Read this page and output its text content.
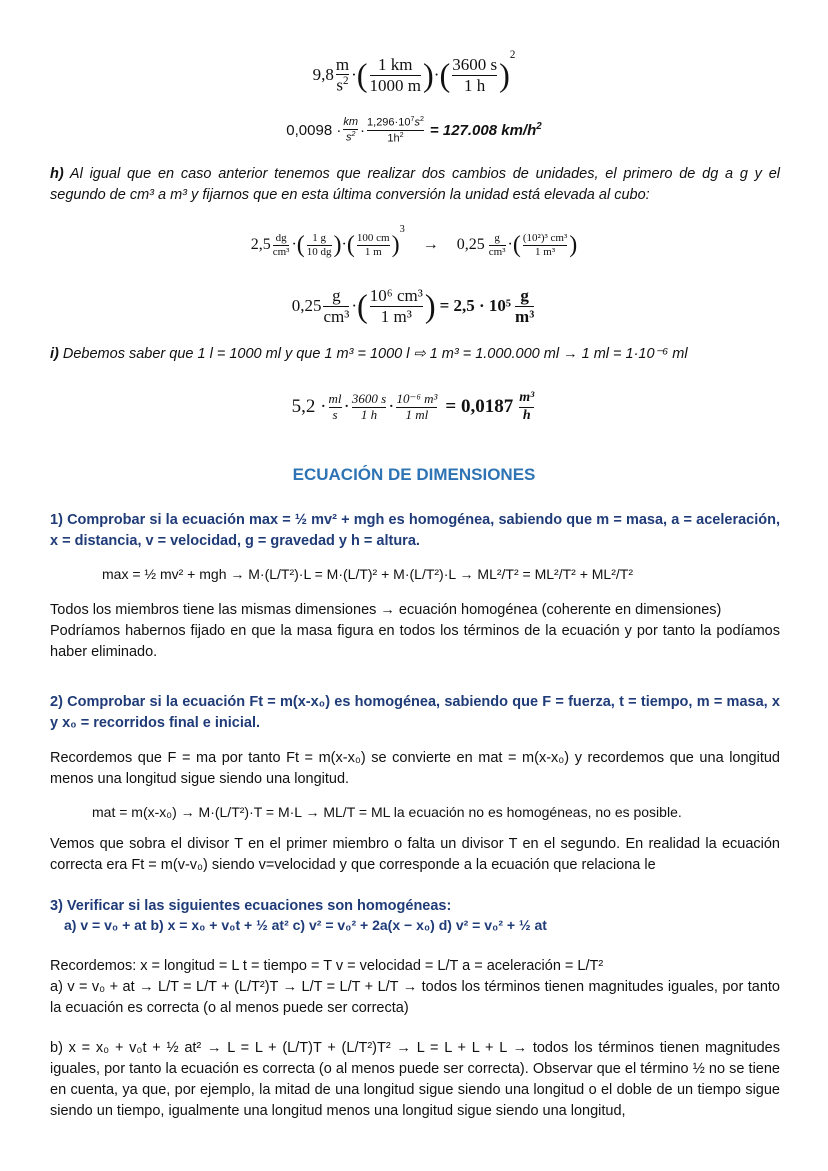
$9,8 \frac{m}{s^2}$ · ( $\frac{1 km}{1000 m}$ ) · ( $\frac{3600 s}{1 h}$ )
$^2$
$0,0098 \cdot \frac{km}{s^2} \cdot \frac{1,296\cdot 10^7s^2}{1h^2} = 127.008$ $km/h^2$
h) Al igual que en caso anterior tenemos que realizar dos cambios de unidades, el primero de dg a g y el segundo de cm³ a m³ y fijarnos que en esta última conversión la unidad está elevada al cubo:
$2,5 \frac{dg}{\text{cm³}}$ · ( $\frac{1 g}{10 dg}$ ) · ( $\frac{100 cm}{1 m}$ )
$^3$
→ $0,25 \frac{g}{\text{cm³}}$ · ( $\frac{\text{(10²)³ cm³}}{\text{1 m³}}$ )
$0,25 \frac{g}{\text{cm³}}$ · ( $\frac{\text{10⁶ cm³}}{\text{1 m³}}$ ) = $2,5 \cdot 10^5 \frac{g}{\text{m³}}$
i) Debemos saber que 1 l = 1000 ml y que 1 m³ = 1000 l ⇨ 1 m³ = 1.000.000 ml → 1 ml = 1·10⁻⁶ ml
$5,2 \cdot \frac{ml}{s} \cdot \frac{3600 s}{1 h} \cdot \frac{\text{10⁻⁶ m³}}{1 ml} = 0,0187 \frac{\text{m³}}{h}$
ECUACIÓN DE DIMENSIONES
1) Comprobar si la ecuación max = ½ mv² + mgh es homogénea, sabiendo que m = masa, a = aceleración, x = distancia, v = velocidad, g = gravedad y h = altura.
max = ½ mv² + mgh → M·(L/T²)·L = M·(L/T)² + M·(L/T²)·L → ML²/T² = ML²/T² + ML²/T²
Todos los miembros tiene las mismas dimensiones → ecuación homogénea (coherente en dimensiones)
Podríamos habernos fijado en que la masa figura en todos los términos de la ecuación y por tanto la podíamos haber eliminado.
2) Comprobar si la ecuación Ft = m(x-x₀) es homogénea, sabiendo que F = fuerza, t = tiempo, m = masa, x y x₀ = recorridos final e inicial.
Recordemos que F = ma por tanto Ft = m(x-x₀) se convierte en mat = m(x-x₀) y recordemos que una longitud menos una longitud sigue siendo una longitud.
mat = m(x-x₀) → M·(L/T²)·T = M·L → ML/T = ML la ecuación no es homogéneas, no es posible.
Vemos que sobra el divisor T en el primer miembro o falta un divisor T en el segundo. En realidad la ecuación correcta era Ft = m(v-v₀) siendo v=velocidad y que corresponde a la ecuación que relaciona le
3) Verificar si las siguientes ecuaciones son homogéneas:
a) v = v₀ + at b) x = x₀ + v₀t + ½ at² c) v² = v₀² + 2a(x − x₀) d) v² = v₀² + ½ at
Recordemos: x = longitud = L t = tiempo = T v = velocidad = L/T a = aceleración = L/T²
a) v = v₀ + at → L/T = L/T + (L/T²)T → L/T = L/T + L/T → todos los términos tienen magnitudes iguales, por tanto la ecuación es correcta (o al menos puede ser correcta)
b) x = x₀ + v₀t + ½ at² → L = L + (L/T)T + (L/T²)T² → L = L + L + L → todos los términos tienen magnitudes iguales, por tanto la ecuación es correcta (o al menos puede ser correcta). Observar que el término ½ no se tiene en cuenta, ya que, por ejemplo, la mitad de una longitud sigue siendo una longitud o el doble de un tiempo sigue siendo un tiempo, igualmente una longitud menos una longitud sigue siendo una longitud,
